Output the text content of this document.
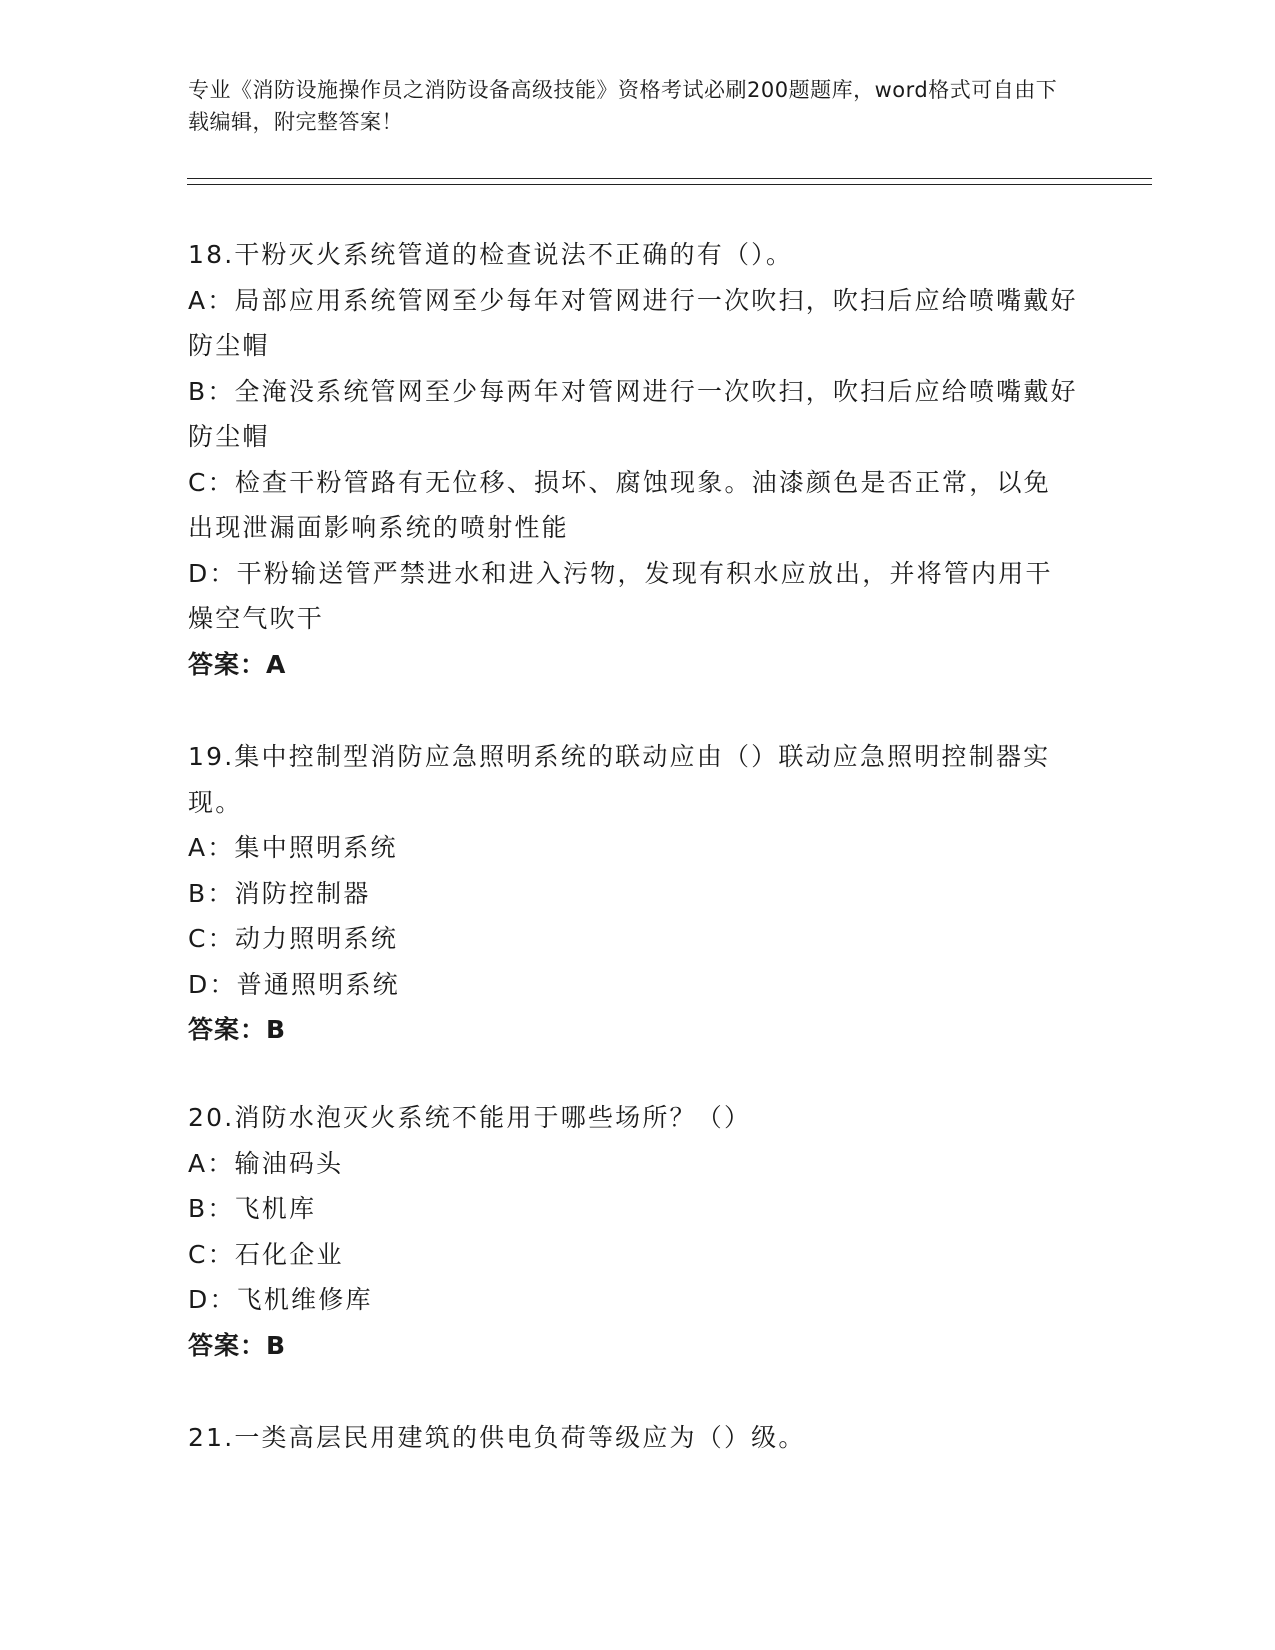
专业《消防设施操作员之消防设备高级技能》资格考试必刷200题题库，word格式可自由下载编辑，附完整答案！
18.干粉灭火系统管道的检查说法不正确的有（）。
A：局部应用系统管网至少每年对管网进行一次吹扫，吹扫后应给喷嘴戴好防尘帽
B：全淹没系统管网至少每两年对管网进行一次吹扫，吹扫后应给喷嘴戴好防尘帽
C：检查干粉管路有无位移、损坏、腐蚀现象。油漆颜色是否正常，以免出现泄漏面影响系统的喷射性能
D：干粉输送管严禁进水和进入污物，发现有积水应放出，并将管内用干燥空气吹干
答案：A
19.集中控制型消防应急照明系统的联动应由（）联动应急照明控制器实现。
A：集中照明系统
B：消防控制器
C：动力照明系统
D：普通照明系统
答案：B
20.消防水泡灭火系统不能用于哪些场所？（）
A：输油码头
B：飞机库
C：石化企业
D：飞机维修库
答案：B
21.一类高层民用建筑的供电负荷等级应为（）级。
